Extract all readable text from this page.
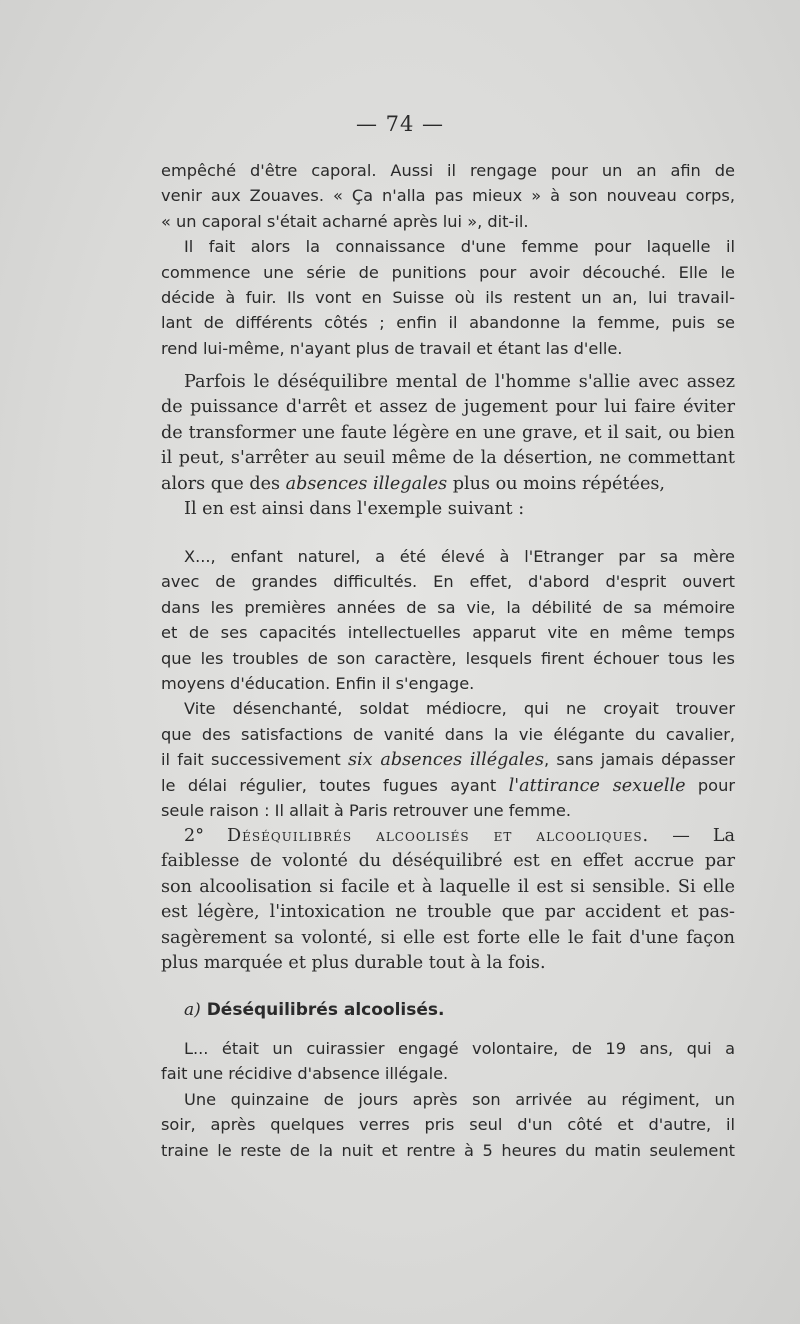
— 74 —
empêché d'être caporal. Aussi il rengage pour un an afin de
venir aux Zouaves. « Ça n'alla pas mieux » à son nouveau corps,
« un caporal s'était acharné après lui », dit-il.
Il fait alors la connaissance d'une femme pour laquelle il
commence une série de punitions pour avoir découché. Elle le
décide à fuir. Ils vont en Suisse où ils restent un an, lui travail-
lant de différents côtés ; enfin il abandonne la femme, puis se
rend lui-même, n'ayant plus de travail et étant las d'elle.
Parfois le déséquilibre mental de l'homme s'allie avec assez
de puissance d'arrêt et assez de jugement pour lui faire éviter
de transformer une faute légère en une grave, et il sait, ou bien
il peut, s'arrêter au seuil même de la désertion, ne commettant
alors que des absences illegales plus ou moins répétées,
Il en est ainsi dans l'exemple suivant :
X..., enfant naturel, a été élevé à l'Etranger par sa mère
avec de grandes difficultés. En effet, d'abord d'esprit ouvert
dans les premières années de sa vie, la débilité de sa mémoire
et de ses capacités intellectuelles apparut vite en même temps
que les troubles de son caractère, lesquels firent échouer tous les
moyens d'éducation. Enfin il s'engage.
Vite désenchanté, soldat médiocre, qui ne croyait trouver
que des satisfactions de vanité dans la vie élégante du cavalier,
il fait successivement six absences illégales, sans jamais dépasser
le délai régulier, toutes fugues ayant l'attirance sexuelle pour
seule raison : Il allait à Paris retrouver une femme.
2° Déséquilibrés alcoolisés et alcooliques. — La
faiblesse de volonté du déséquilibré est en effet accrue par
son alcoolisation si facile et à laquelle il est si sensible. Si elle
est légère, l'intoxication ne trouble que par accident et pas-
sagèrement sa volonté, si elle est forte elle le fait d'une façon
plus marquée et plus durable tout à la fois.
a) Déséquilibrés alcoolisés.
L... était un cuirassier engagé volontaire, de 19 ans, qui a
fait une récidive d'absence illégale.
Une quinzaine de jours après son arrivée au régiment, un
soir, après quelques verres pris seul d'un côté et d'autre, il
traine le reste de la nuit et rentre à 5 heures du matin seulement
